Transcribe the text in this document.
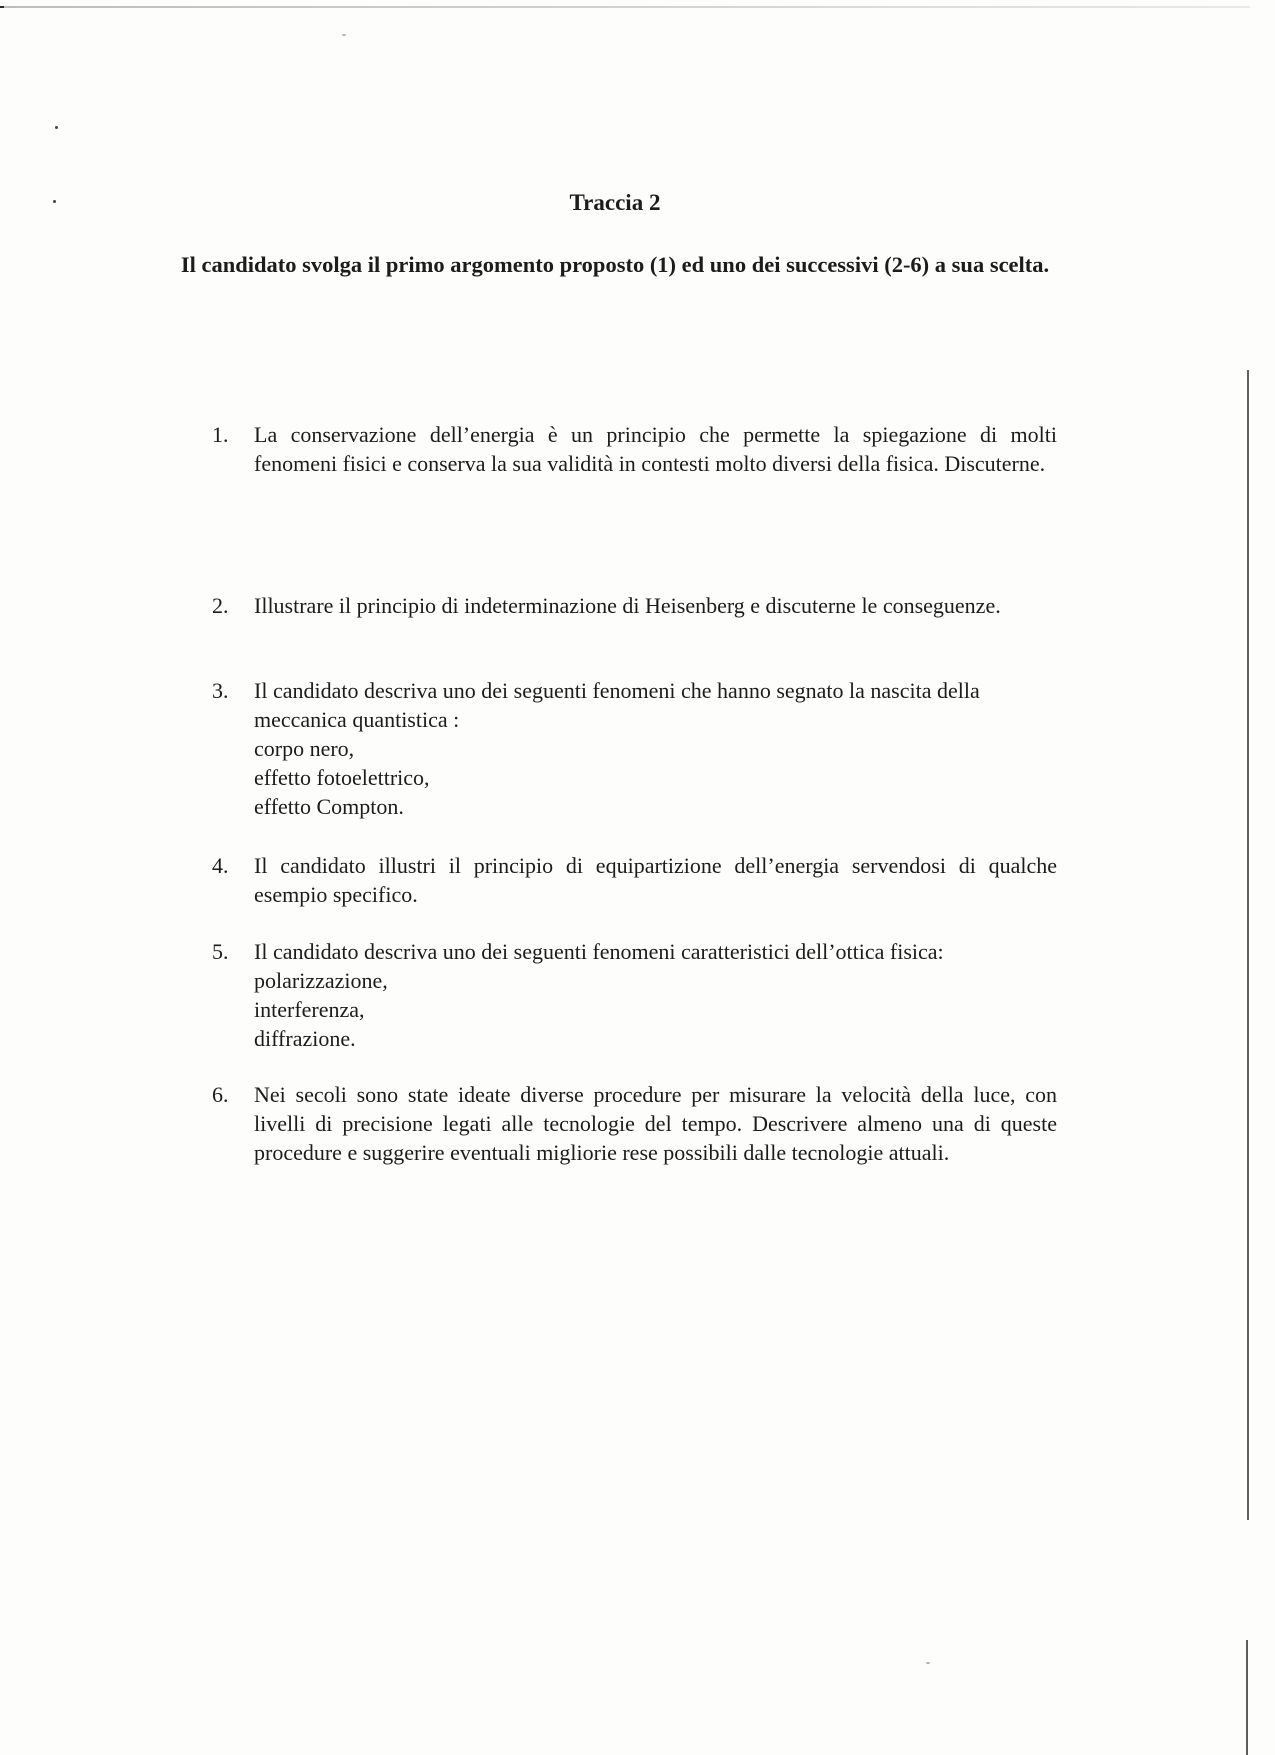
Traccia 2
Il candidato svolga il primo argomento proposto (1) ed uno dei successivi (2-6) a sua scelta.
1.	La conservazione dell’energia è un principio che permette la spiegazione di molti fenomeni fisici e conserva la sua validità in contesti molto diversi della fisica. Discuterne.
2.	Illustrare il principio di indeterminazione di Heisenberg e discuterne le conseguenze.
3.	Il candidato descriva uno dei seguenti fenomeni che hanno segnato la nascita della meccanica quantistica :
corpo nero,
effetto fotoelettrico,
effetto Compton.
4.	Il candidato illustri il principio di equipartizione dell’energia servendosi di qualche esempio specifico.
5.	Il candidato descriva uno dei seguenti fenomeni caratteristici dell’ottica fisica:
polarizzazione,
interferenza,
diffrazione.
6.	Nei secoli sono state ideate diverse procedure per misurare la velocità della luce, con livelli di precisione legati alle tecnologie del tempo. Descrivere almeno una di queste procedure e suggerire eventuali migliorie rese possibili dalle tecnologie attuali.
